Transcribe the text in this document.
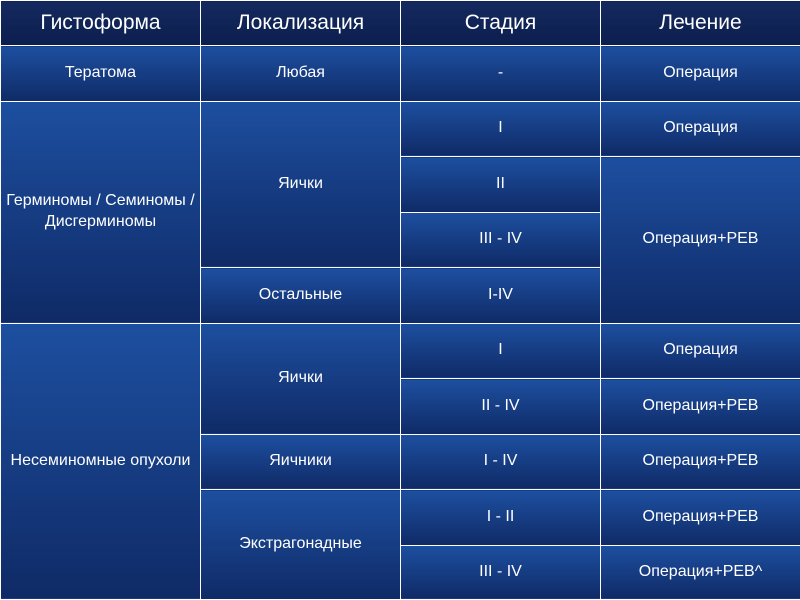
Гистоформа	Локализация	Стадия	Лечение
Тератома	Любая	-	Операция
Герминомы / Семиномы / Дисгерминомы	Яички	I	Операция
		II	Операция+PEB
		III - IV	
	Остальные	I-IV	
Несеминомные опухоли	Яички	I	Операция
		II - IV	Операция+PEB
	Яичники	I - IV	Операция+PEB
	Экстрагонадные	I - II	Операция+PEB
		III - IV	Операция+PEB^
